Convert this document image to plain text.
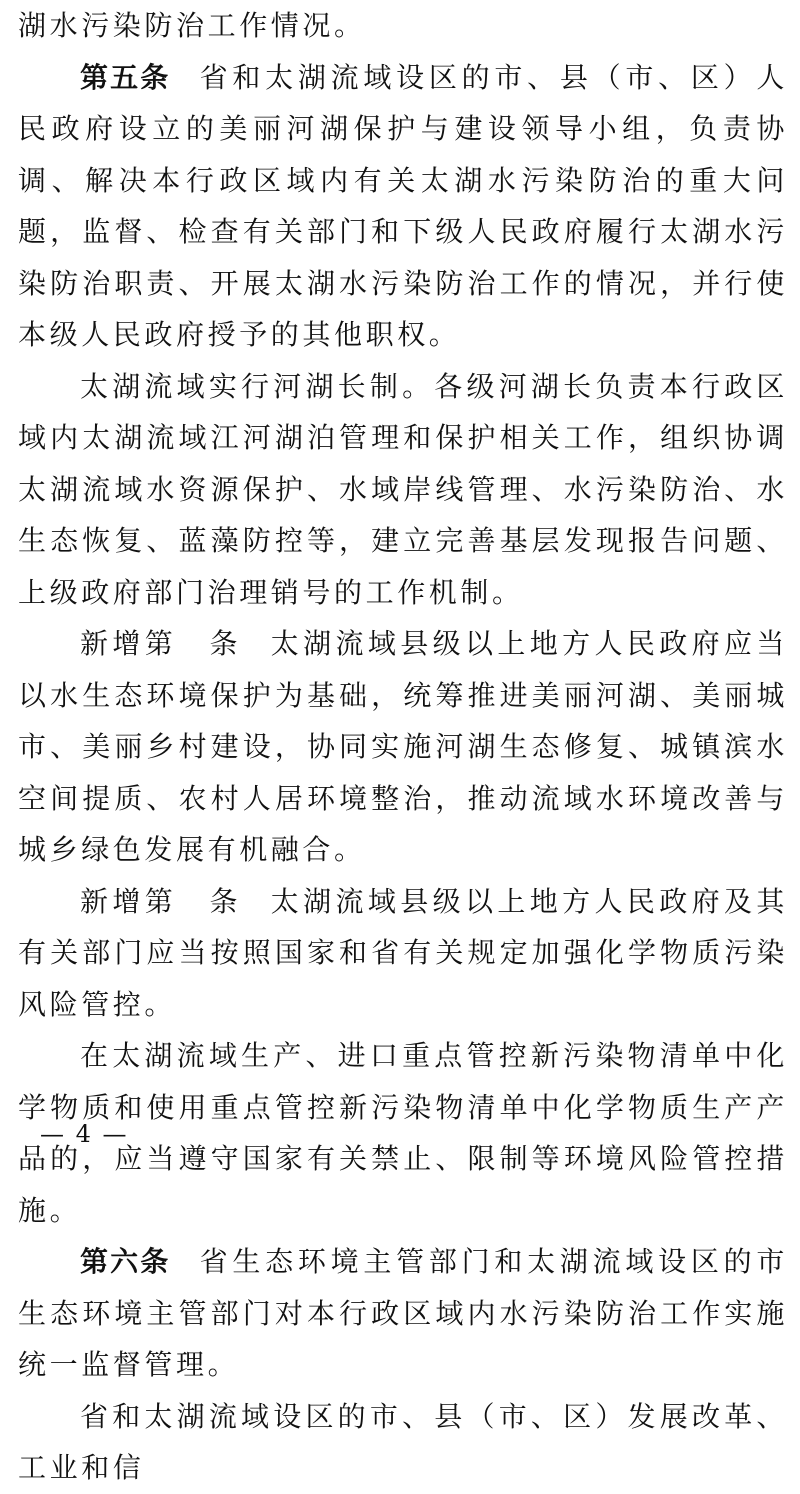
湖水污染防治工作情况。

第五条 省和太湖流域设区的市、县（市、区）人民政府设立的美丽河湖保护与建设领导小组，负责协调、解决本行政区域内有关太湖水污染防治的重大问题，监督、检查有关部门和下级人民政府履行太湖水污染防治职责、开展太湖水污染防治工作的情况，并行使本级人民政府授予的其他职权。

太湖流域实行河湖长制。各级河湖长负责本行政区域内太湖流域江河湖泊管理和保护相关工作，组织协调太湖流域水资源保护、水域岸线管理、水污染防治、水生态恢复、蓝藻防控等，建立完善基层发现报告问题、上级政府部门治理销号的工作机制。

新增第　条 太湖流域县级以上地方人民政府应当以水生态环境保护为基础，统筹推进美丽河湖、美丽城市、美丽乡村建设，协同实施河湖生态修复、城镇滨水空间提质、农村人居环境整治，推动流域水环境改善与城乡绿色发展有机融合。

新增第　条 太湖流域县级以上地方人民政府及其有关部门应当按照国家和省有关规定加强化学物质污染风险管控。

在太湖流域生产、进口重点管控新污染物清单中化学物质和使用重点管控新污染物清单中化学物质生产产品的，应当遵守国家有关禁止、限制等环境风险管控措施。

第六条 省生态环境主管部门和太湖流域设区的市生态环境主管部门对本行政区域内水污染防治工作实施统一监督管理。

省和太湖流域设区的市、县（市、区）发展改革、工业和信

— 4 —
